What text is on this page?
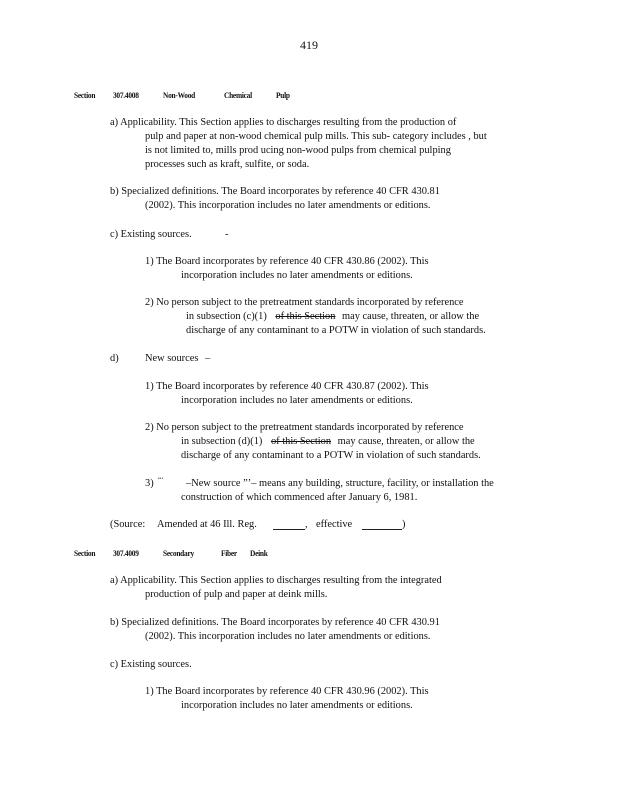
419
Section 307.4008	Non-Wood	Chemical	Pulp
a) Applicability. This Section applies to discharges resulting from the production of
pulp and paper at non-wood chemical pulp mills. This sub- category includes , but
is not limited to, mills prod ucing non-wood pulps from chemical pulping
processes such as kraft, sulfite, or soda.
b) Specialized definitions. The Board incorporates by reference 40 CFR 430.81
(2002). This incorporation includes no later amendments or editions.
c) Existing sources.	-
1) The Board incorporates by reference 40 CFR 430.86 (2002). This
incorporation includes no later amendments or editions.
2) No person subject to the pretreatment standards incorporated by reference
in subsection (c)(1) of this Section may cause, threaten, or allow the
discharge of any contaminant to a POTW in violation of such standards.
d)	New sources –
1) The Board incorporates by reference 40 CFR 430.87 (2002). This
incorporation includes no later amendments or editions.
2) No person subject to the pretreatment standards incorporated by reference
in subsection (d)(1) of this Section may cause, threaten, or allow the
discharge of any contaminant to a POTW in violation of such standards.
3) “‘ –New source ”’– means any building, structure, facility, or installation the
construction of which commenced after January 6, 1981.
(Source: Amended at 46 Ill. Reg.	, effective	)
Section 307.4009	Secondary	Fiber Deink
a) Applicability. This Section applies to discharges resulting from the integrated
production of pulp and paper at deink mills.
b) Specialized definitions. The Board incorporates by reference 40 CFR 430.91
(2002). This incorporation includes no later amendments or editions.
c) Existing sources.
1) The Board incorporates by reference 40 CFR 430.96 (2002). This
incorporation includes no later amendments or editions.
